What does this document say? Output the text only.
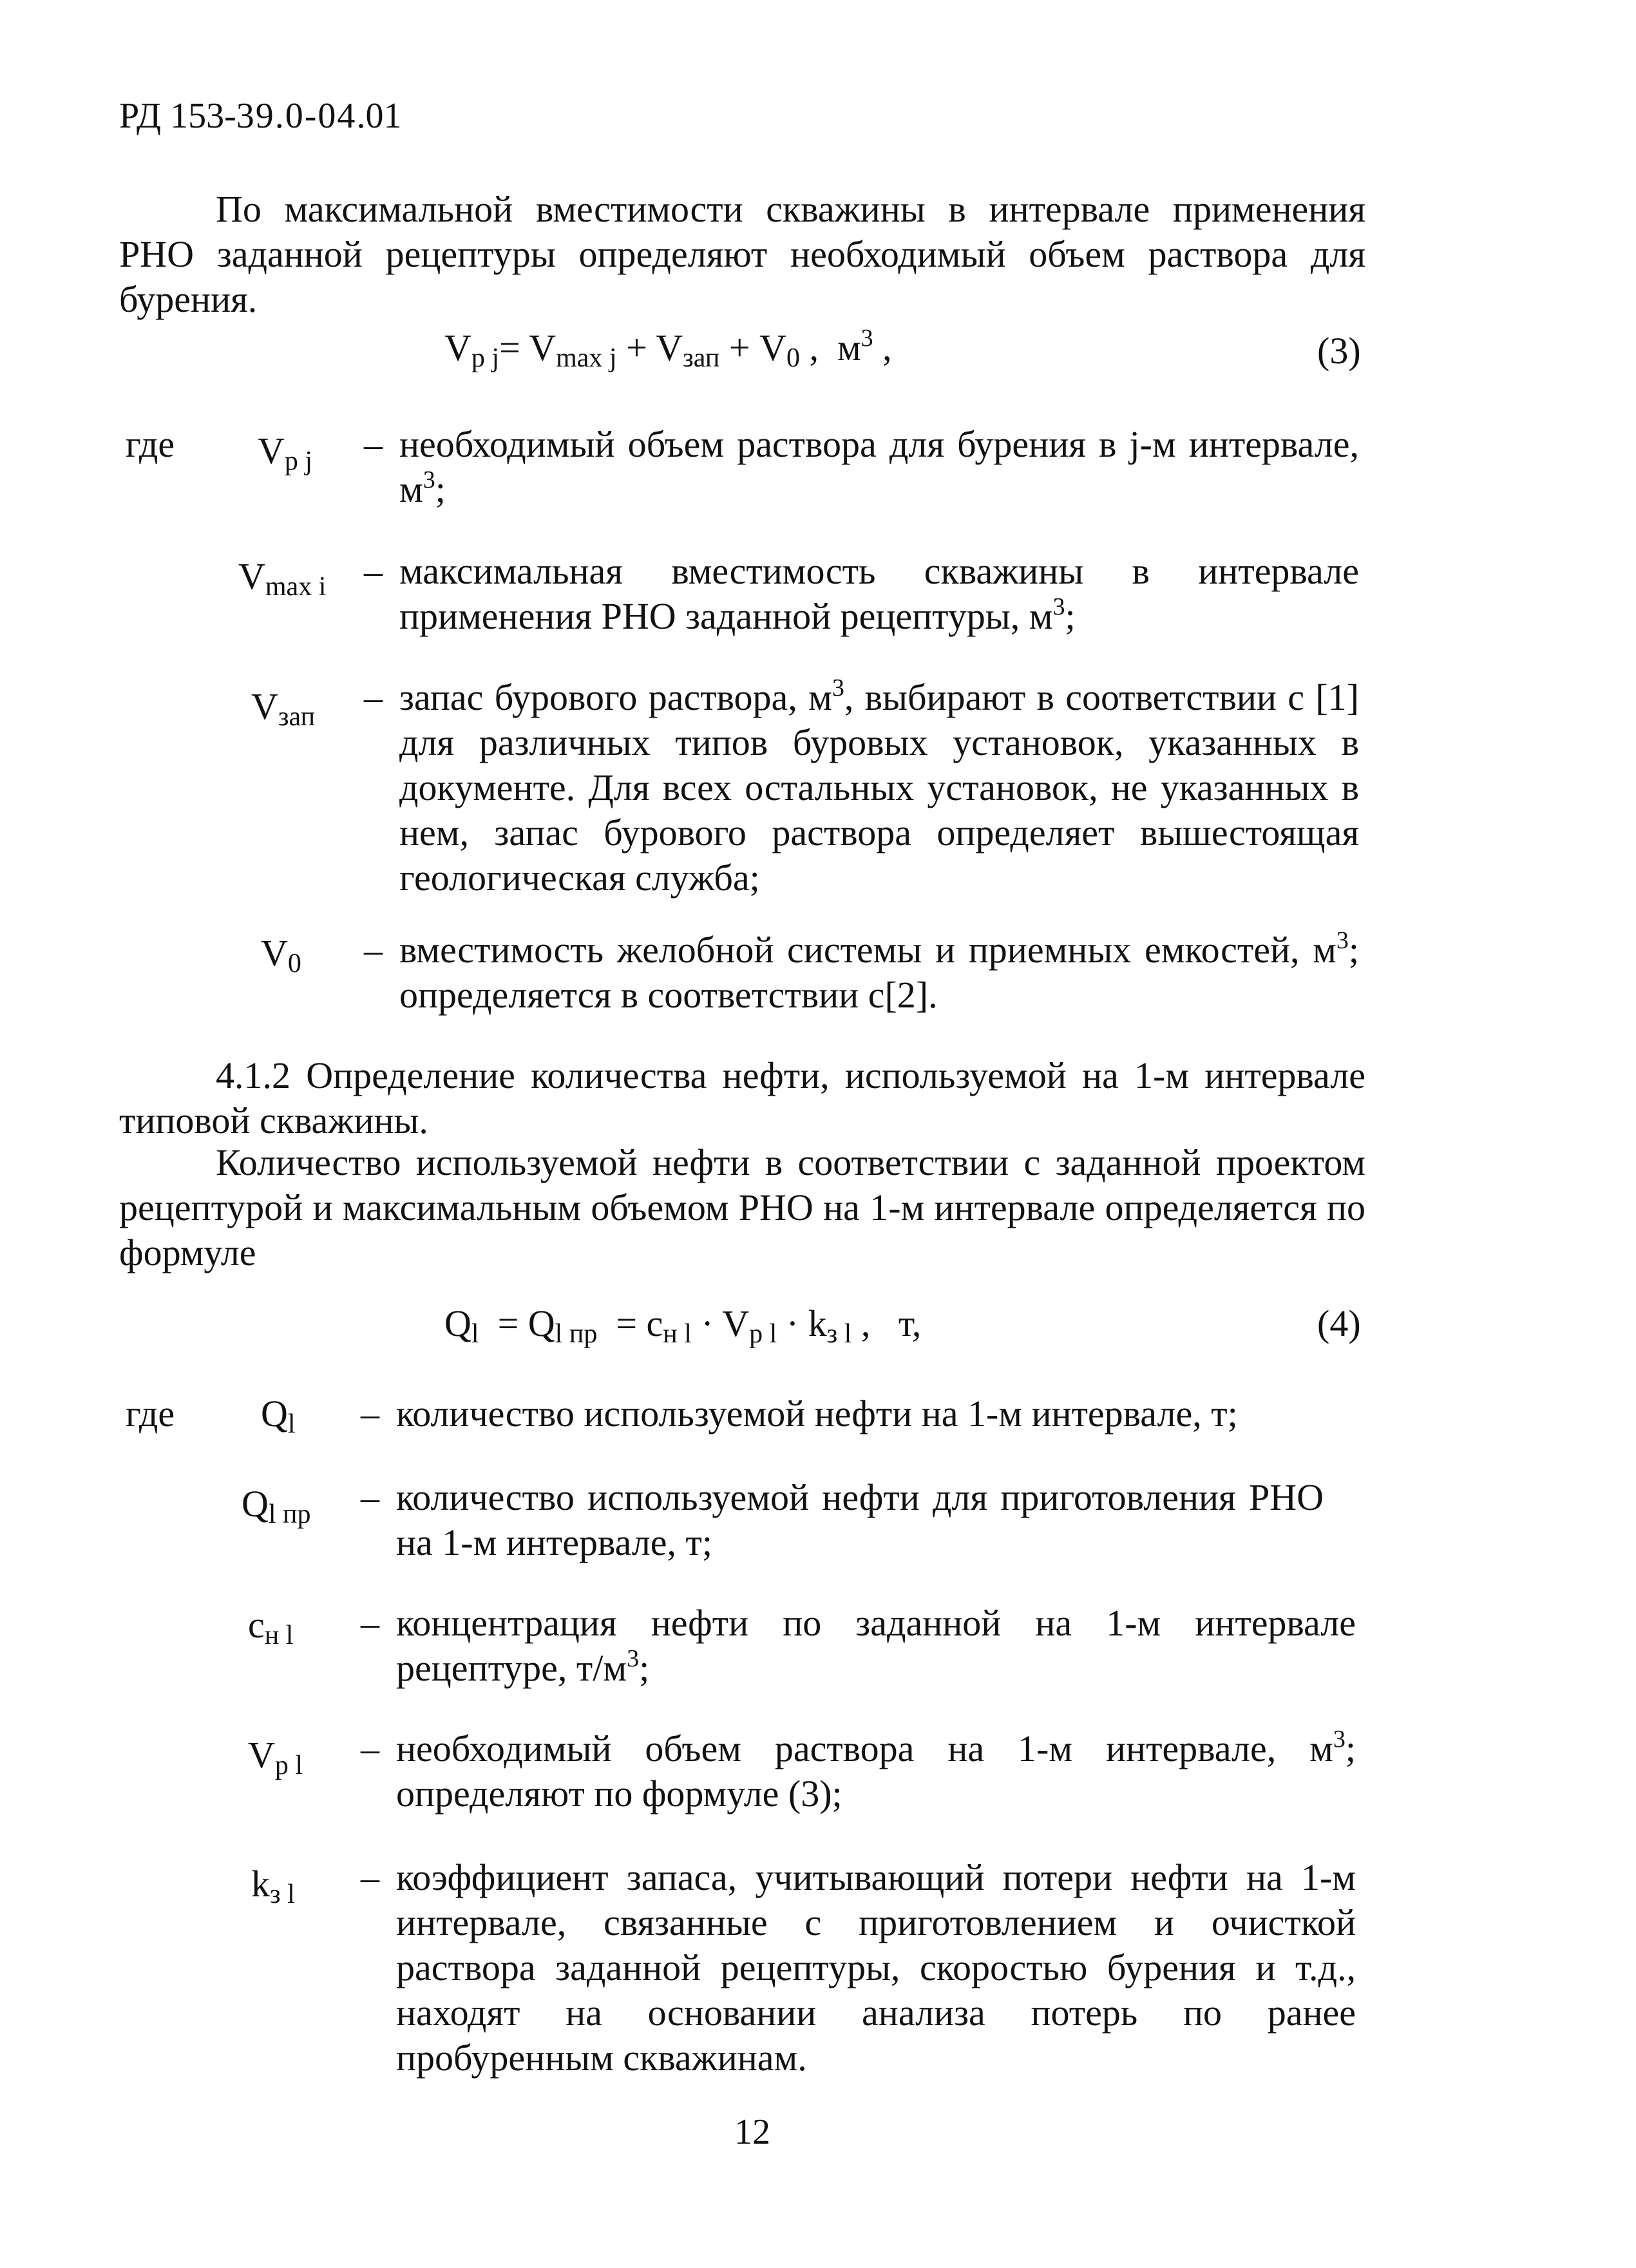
РД 153-39.0-04.01

По максимальной вместимости скважины в интервале применения РНО заданной рецептуры определяют необходимый объем раствора для бурения.

$V_{p j}= V_{max j} + V_{зап} + V_0$ ,  $м^3$ ,	(3)
где $V_{p j}$ – необходимый объем раствора для бурения в j-м интервале, $м^3$;
$V_{max i}$ – максимальная вместимость скважины в интервале применения РНО заданной рецептуры, $м^3$;
$V_{зап}$ – запас бурового раствора, $м^3$, выбирают в соответствии с [1] для различных типов буровых установок, указанных в документе. Для всех остальных установок, не указанных в нем, запас бурового раствора определяет вышестоящая геологическая служба;
$V_0$ – вместимость желобной системы и приемных емкостей, $м^3$; определяется в соответствии с[2].

4.1.2 Определение количества нефти, используемой на 1-м интервале типовой скважины.

Количество используемой нефти в соответствии с заданной проектом рецептурой и максимальным объемом РНО на 1-м интервале определяется по формуле

$Q_l = Q_{l пр} = c_{н l} \cdot V_{p l} \cdot k_{з l}$ ,   т,	(4)
где $Q_l$ – количество используемой нефти на 1-м интервале, т;
$Q_{l пр}$ – количество используемой нефти для приготовления РНО на 1-м интервале, т;
$c_{н l}$ – концентрация нефти по заданной на 1-м интервале рецептуре, $т/м^3$;
$V_{p l}$ – необходимый объем раствора на 1-м интервале, $м^3$; определяют по формуле (3);
$k_{з l}$ – коэффициент запаса, учитывающий потери нефти на 1-м интервале, связанные с приготовлением и очисткой раствора заданной рецептуры, скоростью бурения и т.д., находят на основании анализа потерь по ранее пробуренным скважинам.
12
